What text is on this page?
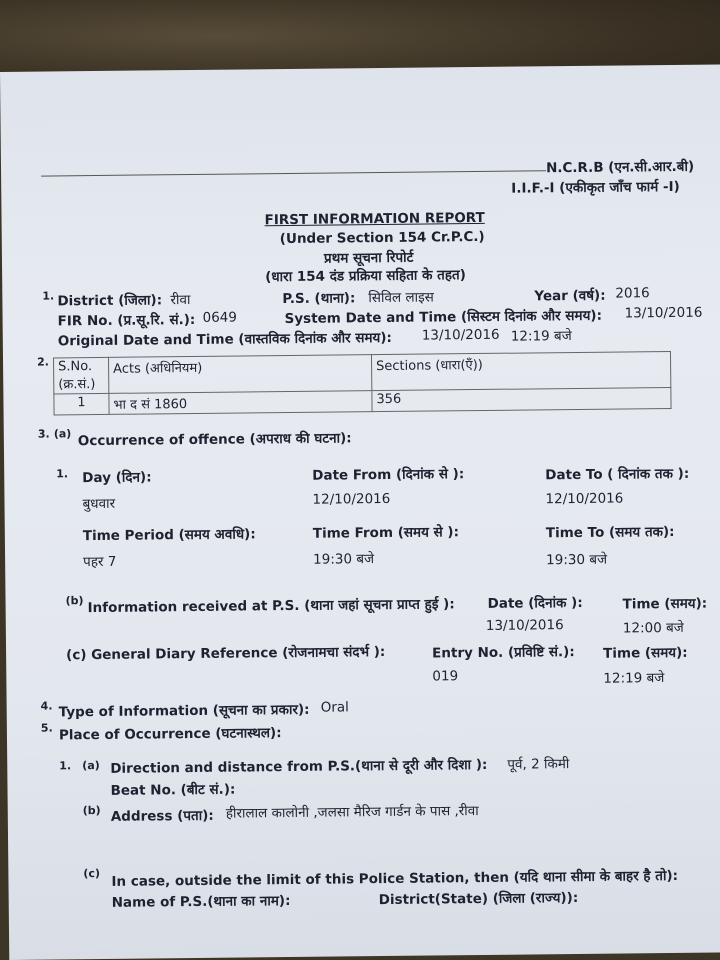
N.C.R.B (एन.सी.आर.बी)
I.I.F.-I (एकीकृत जाँच फार्म -I)
FIRST INFORMATION REPORT
(Under Section 154 Cr.P.C.)
प्रथम सूचना रिपोर्ट
(धारा 154 दंड प्रक्रिया सहिता के तहत)
1. District (जिला): रीवा	P.S. (थाना): सिविल लाइस	Year (वर्ष): 2016
FIR No. (प्र.सू.रि. सं.): 0649	System Date and Time (सिस्टम दिनांक और समय): 13/10/2016
Original Date and Time (वास्तविक दिनांक और समय): 13/10/2016 12:19 बजे
2. S.No. (क्र.सं.)	Acts (अधिनियम)	Sections (धारा(एँ))
1	भा द सं 1860	356
3. (a) Occurrence of offence (अपराध की घटना):
1. Day (दिन):
बुधवार
Date From (दिनांक से ):
12/10/2016
Date To ( दिनांक तक ):
12/10/2016
Time Period (समय अवधि):
पहर 7
Time From (समय से ):
19:30 बजे
Time To (समय तक):
19:30 बजे
(b) Information received at P.S. (थाना जहां सूचना प्राप्त हुई ): Date (दिनांक ):
13/10/2016
Time (समय):
12:00 बजे
(c) General Diary Reference (रोजनामचा संदर्भ ):	Entry No. (प्रविष्टि सं.):
019
Time (समय):
12:19 बजे
4. Type of Information (सूचना का प्रकार): Oral
5. Place of Occurrence (घटनास्थल):
1. (a) Direction and distance from P.S.(थाना से दूरी और दिशा ): पूर्व, 2 किमी
Beat No. (बीट सं.):
(b) Address (पता): हीरालाल कालोनी ,जलसा मैरिज गार्डन के पास ,रीवा
(c) In case, outside the limit of this Police Station, then (यदि थाना सीमा के बाहर है तो):
Name of P.S.(थाना का नाम):	District(State) (जिला (राज्य)):
